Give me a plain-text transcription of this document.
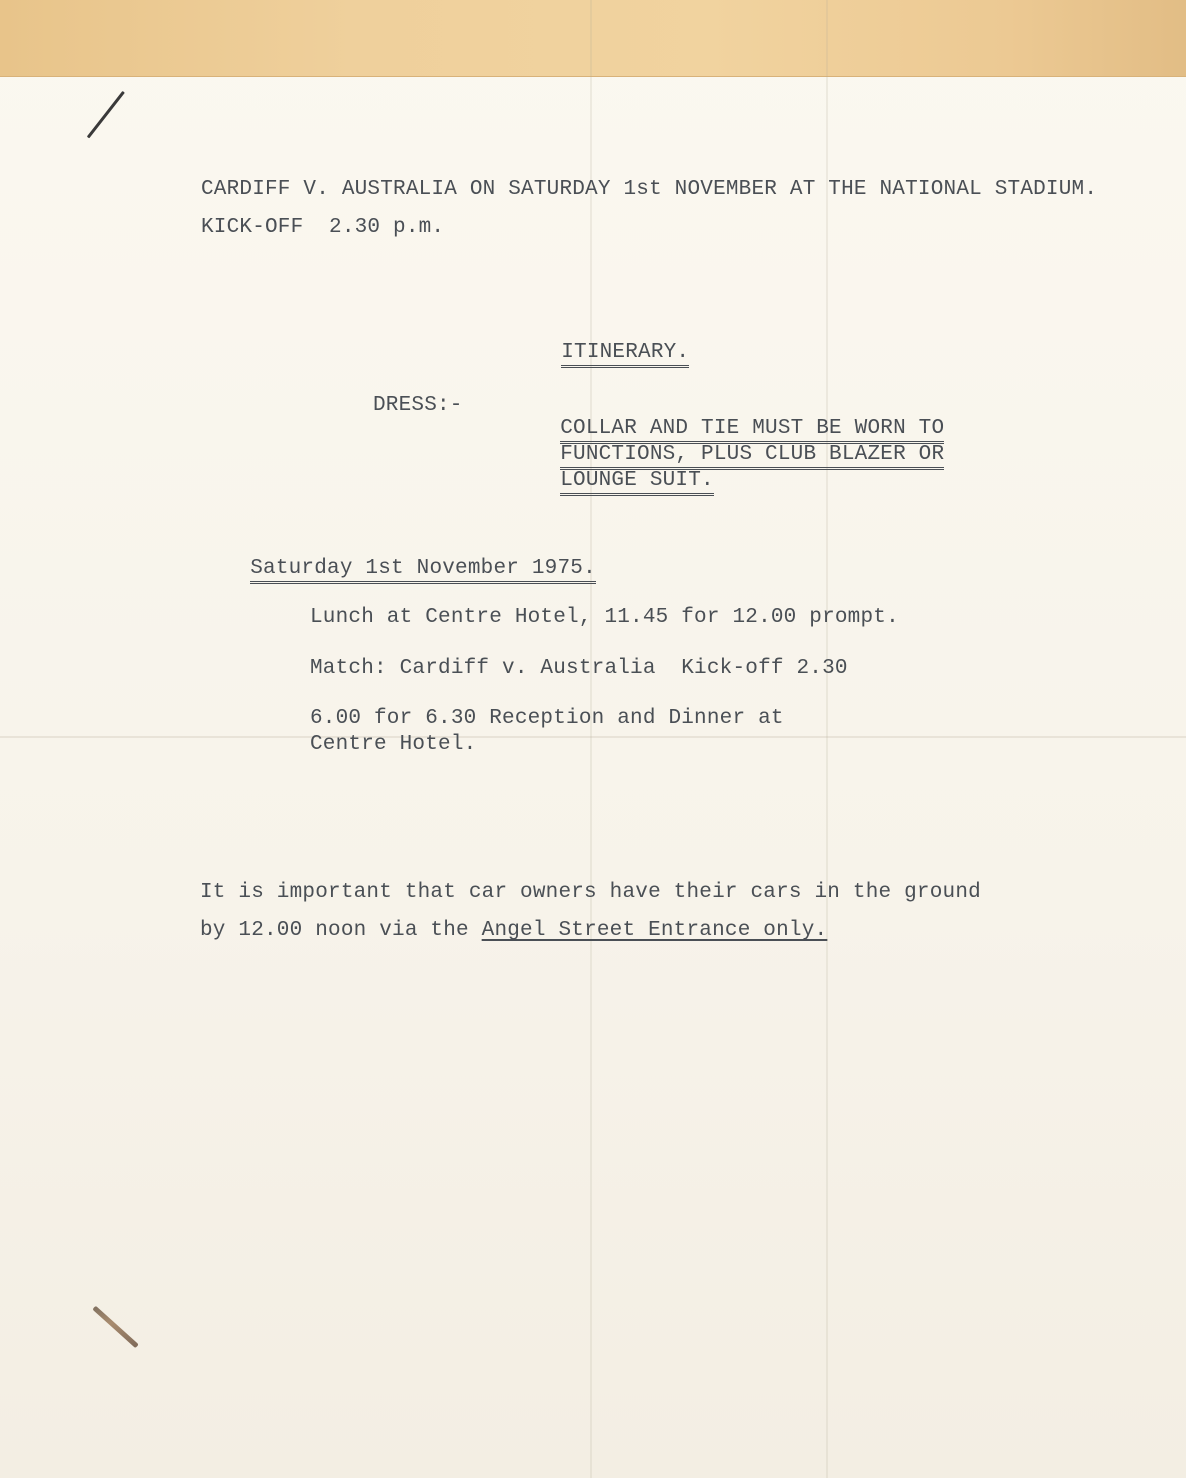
CARDIFF V. AUSTRALIA ON SATURDAY 1st NOVEMBER AT THE NATIONAL STADIUM.
KICK-OFF  2.30 p.m.

ITINERARY.

DRESS:-

COLLAR AND TIE MUST BE WORN TO

FUNCTIONS, PLUS CLUB BLAZER OR

LOUNGE SUIT.

Saturday 1st November 1975.

Lunch at Centre Hotel, 11.45 for 12.00 prompt.
Match: Cardiff v. Australia  Kick-off 2.30
6.00 for 6.30 Reception and Dinner at
Centre Hotel.
It is important that car owners have their cars in the ground
by 12.00 noon via the Angel Street Entrance only.
